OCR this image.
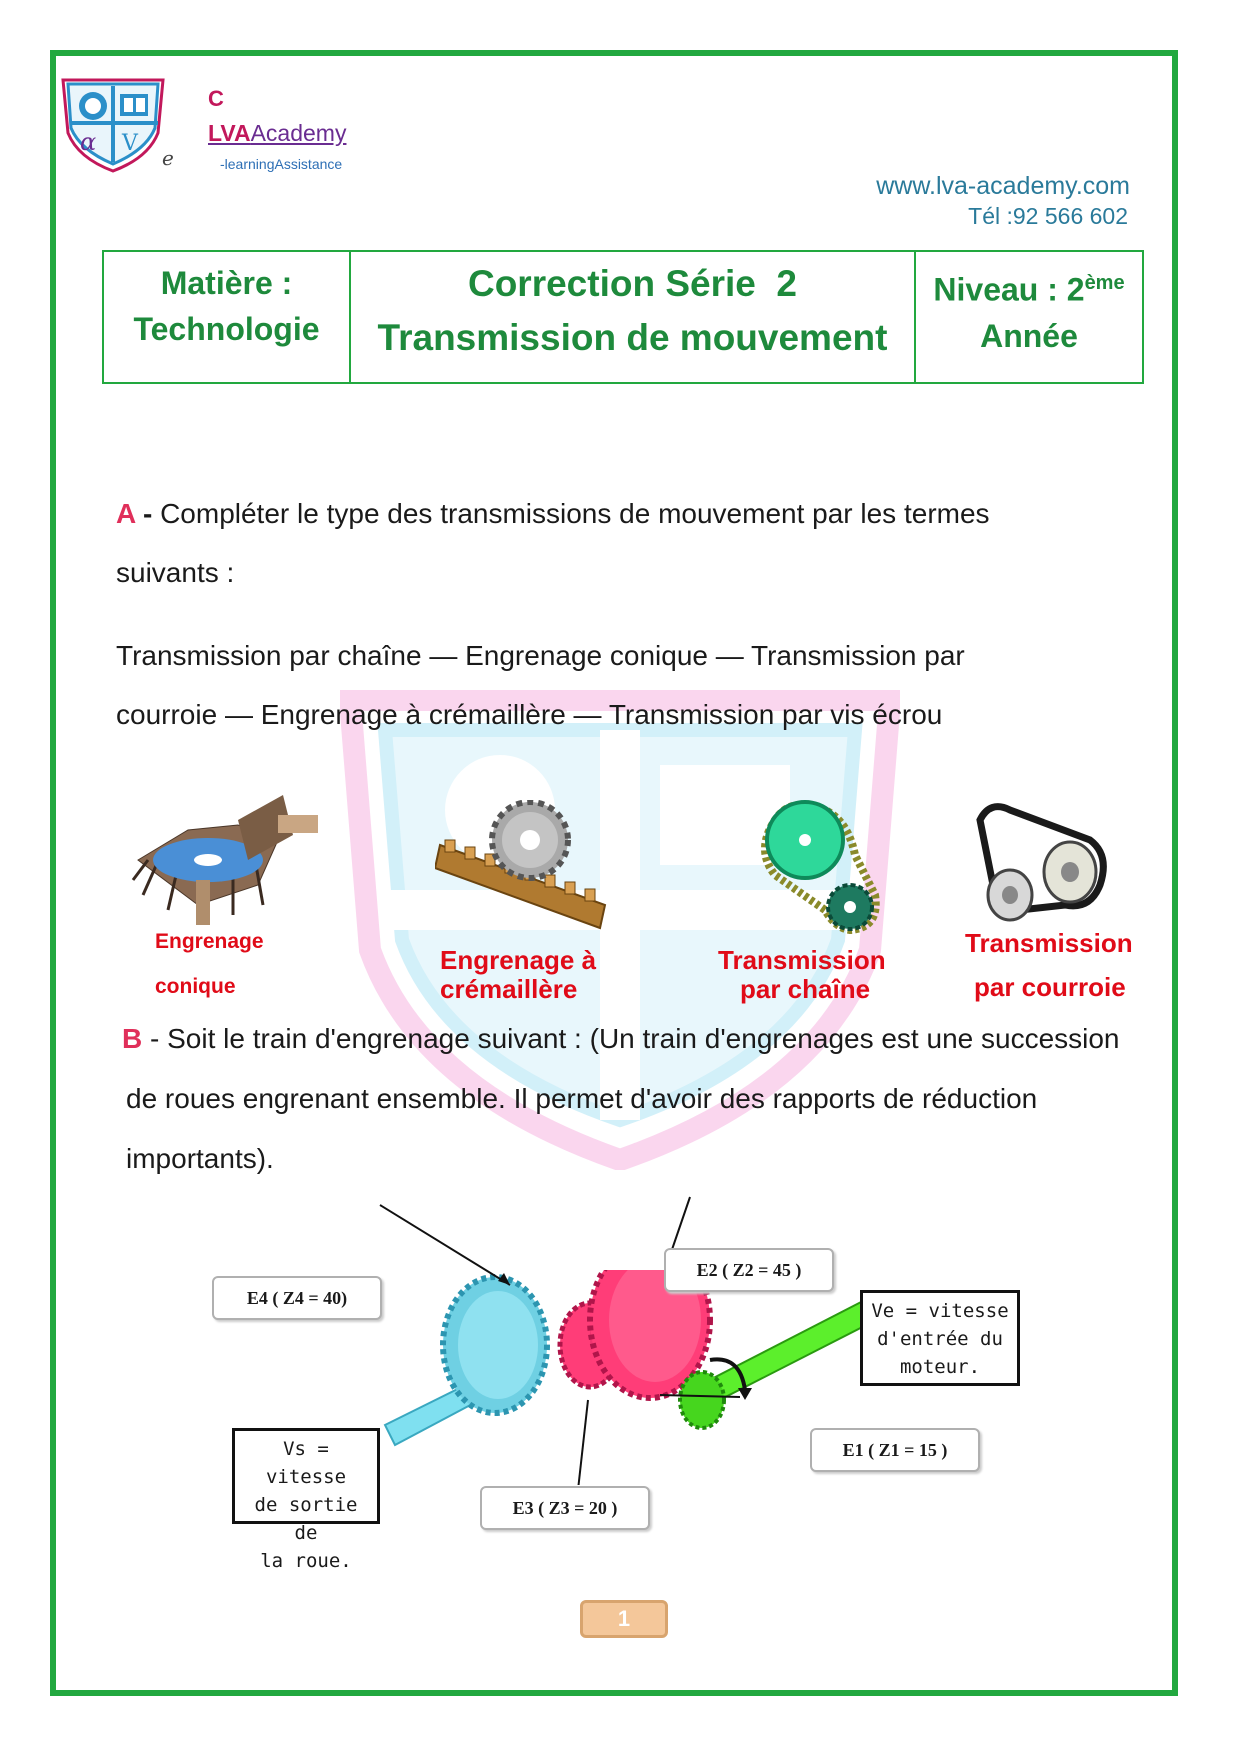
α V
C
LVAAcademy
-learningAssistance
e
www.lva-academy.com
Tél :92 566 602
Matière :
Technologie
Correction Série  2
Transmission de mouvement
Niveau : 2ème
Année
A - Compléter le type des transmissions de mouvement par les termes
suivants :
Transmission par chaîne — Engrenage conique — Transmission par
courroie — Engrenage à crémaillère — Transmission par vis écrou
Engrenage
conique
Engrenage à
crémaillère
Transmission
par chaîne
Transmission
par courroie
B - Soit le train d'engrenage suivant : (Un train d'engrenages est une succession
de roues engrenant ensemble. Il permet d'avoir des rapports de réduction
importants).
E4 ( Z4 = 40)
E2 ( Z2 = 45 )
E1 ( Z1 = 15 )
E3 ( Z3 = 20 )
Ve = vitesse
d'entrée du
moteur.
Vs = vitesse
de sortie de
la roue.
1
